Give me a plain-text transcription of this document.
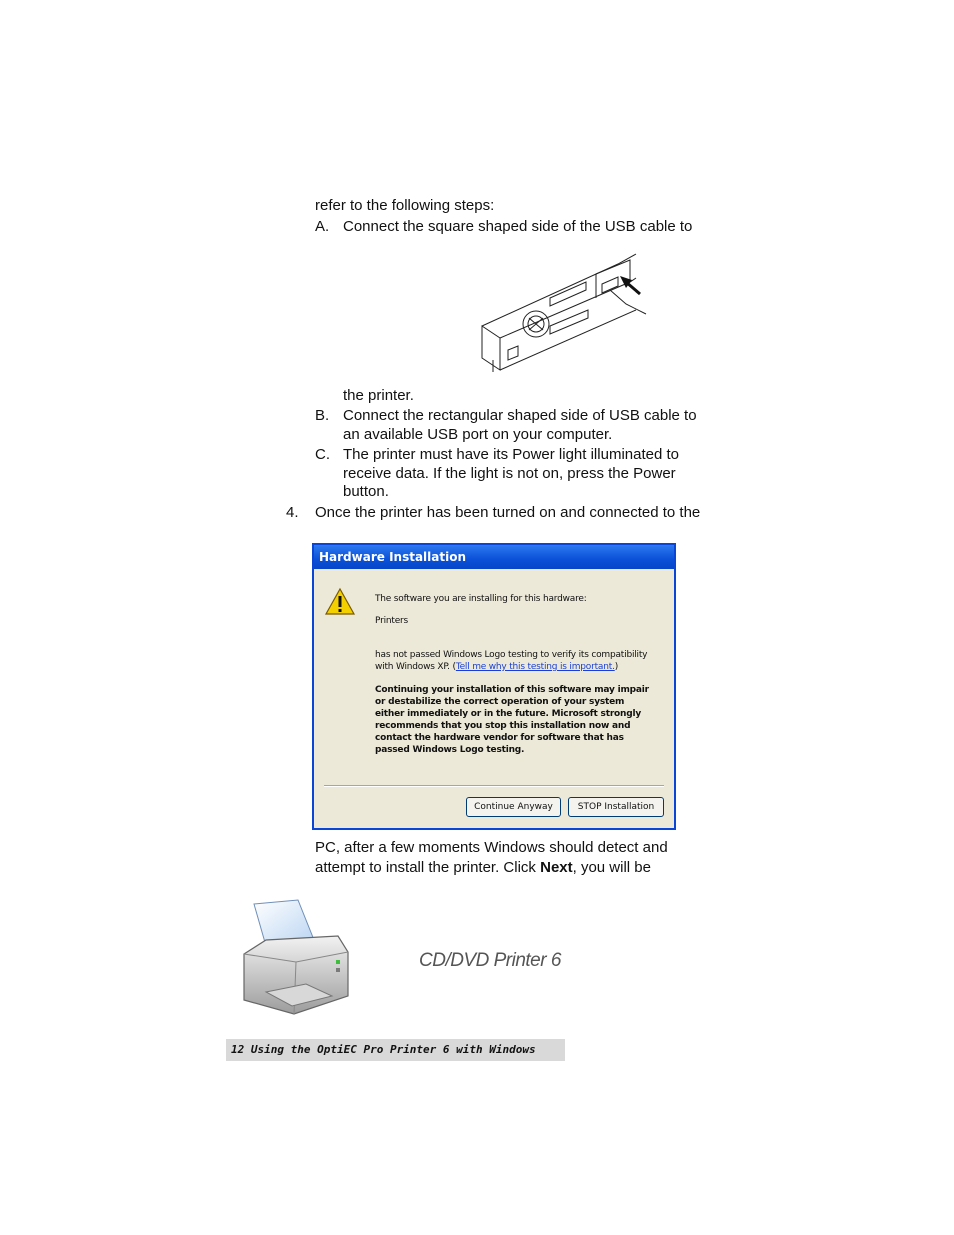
refer to the following steps:
A. Connect the square shaped side of the USB cable to
the printer.
B. Connect the rectangular shaped side of USB cable to
an available USB port on your computer.
C. The printer must have its Power light illuminated to
receive data. If the light is not on, press the Power
button.
4. Once the printer has been turned on and connected to the
Hardware Installation
The software you are installing for this hardware:
Printers
has not passed Windows Logo testing to verify its compatibility
with Windows XP. (Tell me why this testing is important.)
Continuing your installation of this software may impair
or destabilize the correct operation of your system
either immediately or in the future. Microsoft strongly
recommends that you stop this installation now and
contact the hardware vendor for software that has
passed Windows Logo testing.
Continue Anyway	STOP Installation
PC, after a few moments Windows should detect and
attempt to install the printer. Click Next, you will be
CD/DVD Printer 6
12 Using the OptiEC Pro Printer 6 with Windows
